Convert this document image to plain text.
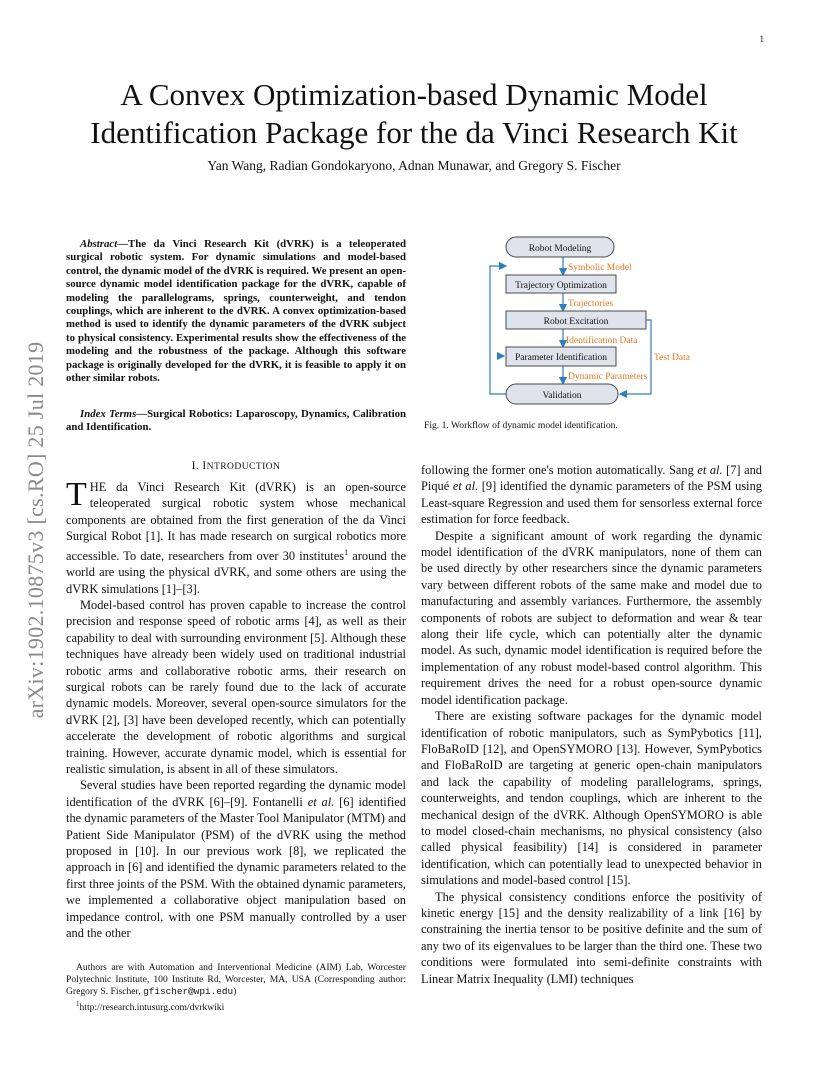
1
arXiv:1902.10875v3 [cs.RO] 25 Jul 2019
A Convex Optimization-based Dynamic Model
Identification Package for the da Vinci Research Kit

Yan Wang, Radian Gondokaryono, Adnan Munawar, and Gregory S. Fischer

Abstract—The da Vinci Research Kit (dVRK) is a teleoperated surgical robotic system. For dynamic simulations and model-based control, the dynamic model of the dVRK is required. We present an open-source dynamic model identification package for the dVRK, capable of modeling the parallelograms, springs, counterweight, and tendon couplings, which are inherent to the dVRK. A convex optimization-based method is used to identify the dynamic parameters of the dVRK subject to physical consistency. Experimental results show the effectiveness of the modeling and the robustness of the package. Although this software package is originally developed for the dVRK, it is feasible to apply it on other similar robots.

Index Terms—Surgical Robotics: Laparoscopy, Dynamics, Calibration and Identification.

I. INTRODUCTION

THE da Vinci Research Kit (dVRK) is an open-source teleoperated surgical robotic system whose mechanical components are obtained from the first generation of the da Vinci Surgical Robot [1]. It has made research on surgical robotics more accessible. To date, researchers from over 30 institutes$^1$ around the world are using the physical dVRK, and some others are using the dVRK simulations [1]–[3].

Model-based control has proven capable to increase the control precision and response speed of robotic arms [4], as well as their capability to deal with surrounding environment [5]. Although these techniques have already been widely used on traditional industrial robotic arms and collaborative robotic arms, their research on surgical robots can be rarely found due to the lack of accurate dynamic models. Moreover, several open-source simulators for the dVRK [2], [3] have been developed recently, which can potentially accelerate the development of robotic algorithms and surgical training. However, accurate dynamic model, which is essential for realistic simulation, is absent in all of these simulators.

Several studies have been reported regarding the dynamic model identification of the dVRK [6]–[9]. Fontanelli et al. [6] identified the dynamic parameters of the Master Tool Manipulator (MTM) and Patient Side Manipulator (PSM) of the dVRK using the method proposed in [10]. In our previous work [8], we replicated the approach in [6] and identified the dynamic parameters related to the first three joints of the PSM. With the obtained dynamic parameters, we implemented a collaborative object manipulation based on impedance control, with one PSM manually controlled by a user and the other

Authors are with Automation and Interventional Medicine (AIM) Lab, Worcester Polytechnic Institute, 100 Institute Rd, Worcester, MA, USA (Corresponding author: Gregory S. Fischer, gfischer@wpi.edu)

$^1$http://research.intusurg.com/dvrkwiki

Robot Modeling
Trajectory Optimization
Robot Excitation
Parameter Identification
Validation
Symbolic Model
Trajectories
Identification Data
Dynamic Parameters
Test Data
Fig. 1. Workflow of dynamic model identification.

following the former one's motion automatically. Sang et al. [7] and Piqué et al. [9] identified the dynamic parameters of the PSM using Least-square Regression and used them for sensorless external force estimation for force feedback.

Despite a significant amount of work regarding the dynamic model identification of the dVRK manipulators, none of them can be used directly by other researchers since the dynamic parameters vary between different robots of the same make and model due to manufacturing and assembly variances. Furthermore, the assembly components of robots are subject to deformation and wear & tear along their life cycle, which can potentially alter the dynamic model. As such, dynamic model identification is required before the implementation of any robust model-based control algorithm. This requirement drives the need for a robust open-source dynamic model identification package.

There are existing software packages for the dynamic model identification of robotic manipulators, such as SymPybotics [11], FloBaRoID [12], and OpenSYMORO [13]. However, SymPybotics and FloBaRoID are targeting at generic open-chain manipulators and lack the capability of modeling parallelograms, springs, counterweights, and tendon couplings, which are inherent to the mechanical design of the dVRK. Although OpenSYMORO is able to model closed-chain mechanisms, no physical consistency (also called physical feasibility) [14] is considered in parameter identification, which can potentially lead to unexpected behavior in simulations and model-based control [15].

The physical consistency conditions enforce the positivity of kinetic energy [15] and the density realizability of a link [16] by constraining the inertia tensor to be positive definite and the sum of any two of its eigenvalues to be larger than the third one. These two conditions were formulated into semi-definite constraints with Linear Matrix Inequality (LMI) techniques
